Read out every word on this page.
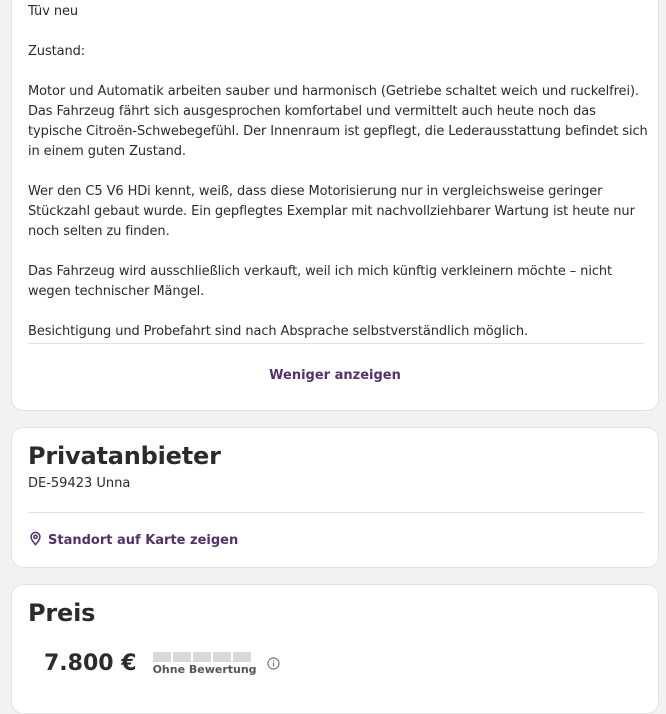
Tüv neu

Zustand:

Motor und Automatik arbeiten sauber und harmonisch (Getriebe schaltet weich und ruckelfrei). Das Fahrzeug fährt sich ausgesprochen komfortabel und vermittelt auch heute noch das typische Citroën-Schwebegefühl. Der Innenraum ist gepflegt, die Lederausstattung befindet sich in einem guten Zustand.

Wer den C5 V6 HDi kennt, weiß, dass diese Motorisierung nur in vergleichsweise geringer Stückzahl gebaut wurde. Ein gepflegtes Exemplar mit nachvollziehbarer Wartung ist heute nur noch selten zu finden.

Das Fahrzeug wird ausschließlich verkauft, weil ich mich künftig verkleinern möchte – nicht wegen technischer Mängel.

Besichtigung und Probefahrt sind nach Absprache selbstverständlich möglich.

Weniger anzeigen
Privatanbieter
DE-59423 Unna
Standort auf Karte zeigen
Preis
7.800 € Ohne Bewertung
